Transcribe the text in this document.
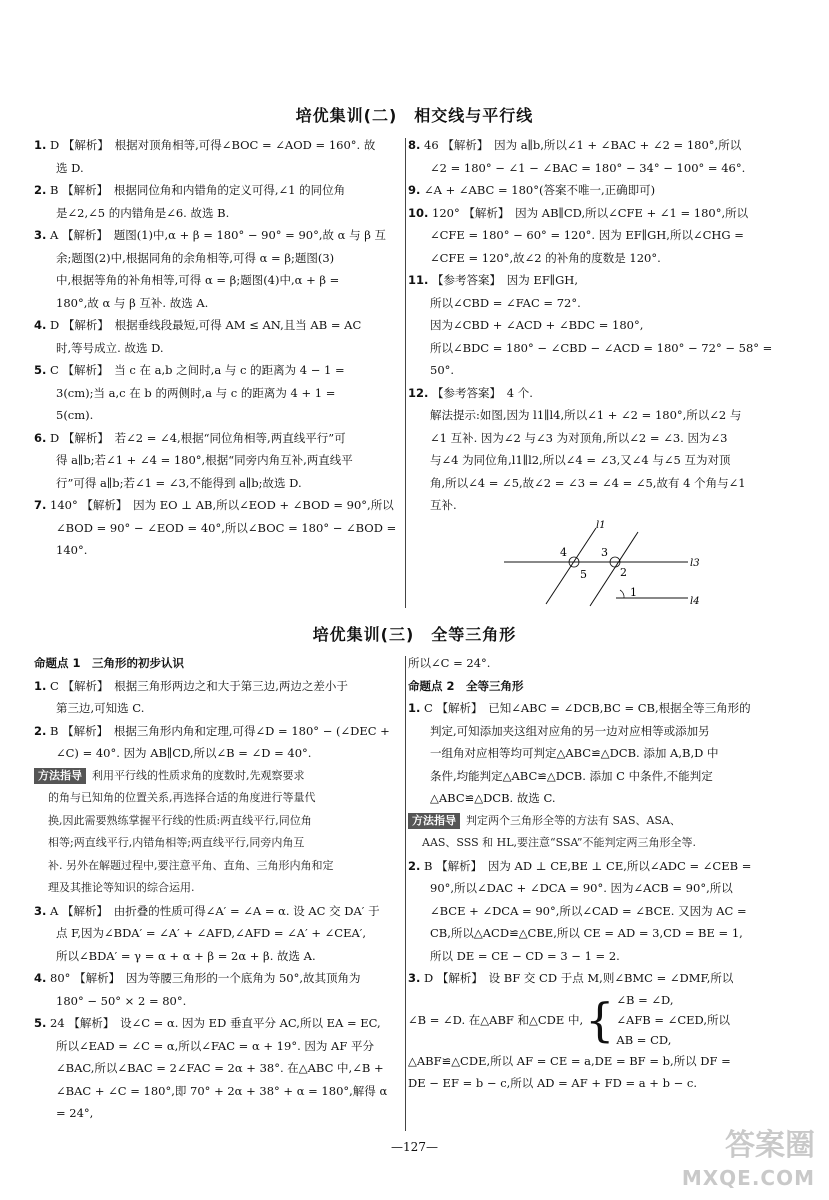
培优集训(二)　相交线与平行线

1. D 【解析】　根据对顶角相等,可得∠BOC = ∠AOD = 160°. 故

选 D.

2. B 【解析】　根据同位角和内错角的定义可得,∠1 的同位角

是∠2,∠5 的内错角是∠6. 故选 B.

3. A 【解析】　题图(1)中,α + β = 180° − 90° = 90°,故 α 与 β 互

余;题图(2)中,根据同角的余角相等,可得 α = β;题图(3)

中,根据等角的补角相等,可得 α = β;题图(4)中,α + β =

180°,故 α 与 β 互补. 故选 A.

4. D 【解析】　根据垂线段最短,可得 AM ≤ AN,且当 AB = AC

时,等号成立. 故选 D.

5. C 【解析】　当 c 在 a,b 之间时,a 与 c 的距离为 4 − 1 =

3(cm);当 a,c 在 b 的两侧时,a 与 c 的距离为 4 + 1 =

5(cm).

6. D 【解析】　若∠2 = ∠4,根据“同位角相等,两直线平行”可

得 a∥b;若∠1 + ∠4 = 180°,根据“同旁内角互补,两直线平

行”可得 a∥b;若∠1 = ∠3,不能得到 a∥b;故选 D.

7. 140° 【解析】　因为 EO ⊥ AB,所以∠EOD + ∠BOD = 90°,所以

∠BOD = 90° − ∠EOD = 40°,所以∠BOC = 180° − ∠BOD = 140°.

8. 46 【解析】　因为 a∥b,所以∠1 + ∠BAC + ∠2 = 180°,所以

∠2 = 180° − ∠1 − ∠BAC = 180° − 34° − 100° = 46°.

9. ∠A + ∠ABC = 180°(答案不唯一,正确即可)

10. 120° 【解析】　因为 AB∥CD,所以∠CFE + ∠1 = 180°,所以

∠CFE = 180° − 60° = 120°. 因为 EF∥GH,所以∠CHG =

∠CFE = 120°,故∠2 的补角的度数是 120°.

11. 【参考答案】　因为 EF∥GH,

所以∠CBD = ∠FAC = 72°.

因为∠CBD + ∠ACD + ∠BDC = 180°,

所以∠BDC = 180° − ∠CBD − ∠ACD = 180° − 72° − 58° = 50°.

12. 【参考答案】　4 个.

解法提示:如图,因为 l1∥l4,所以∠1 + ∠2 = 180°,所以∠2 与

∠1 互补. 因为∠2 与∠3 为对顶角,所以∠2 = ∠3. 因为∠3

与∠4 为同位角,l1∥l2,所以∠4 = ∠3,又∠4 与∠5 互为对顶

角,所以∠4 = ∠5,故∠2 = ∠3 = ∠4 = ∠5,故有 4 个角与∠1

互补.

l1
l3
l4
4	3
5	2
1
培优集训(三)　全等三角形

命题点 1　三角形的初步认识

1. C 【解析】　根据三角形两边之和大于第三边,两边之差小于

第三边,可知选 C.

2. B 【解析】　根据三角形内角和定理,可得∠D = 180° − (∠DEC +

∠C) = 40°. 因为 AB∥CD,所以∠B = ∠D = 40°.

方法指导 利用平行线的性质求角的度数时,先观察要求

的角与已知角的位置关系,再选择合适的角度进行等量代

换,因此需要熟练掌握平行线的性质:两直线平行,同位角

相等;两直线平行,内错角相等;两直线平行,同旁内角互

补. 另外在解题过程中,要注意平角、直角、三角形内角和定

理及其推论等知识的综合运用.

3. A 【解析】　由折叠的性质可得∠A′ = ∠A = α. 设 AC 交 DA′ 于

点 F,因为∠BDA′ = ∠A′ + ∠AFD,∠AFD = ∠A′ + ∠CEA′,

所以∠BDA′ = γ = α + α + β = 2α + β. 故选 A.

4. 80° 【解析】　因为等腰三角形的一个底角为 50°,故其顶角为

180° − 50° × 2 = 80°.

5. 24 【解析】　设∠C = α. 因为 ED 垂直平分 AC,所以 EA = EC,

所以∠EAD = ∠C = α,所以∠FAC = α + 19°. 因为 AF 平分

∠BAC,所以∠BAC = 2∠FAC = 2α + 38°. 在△ABC 中,∠B +

∠BAC + ∠C = 180°,即 70° + 2α + 38° + α = 180°,解得 α = 24°,

所以∠C = 24°.

命题点 2　全等三角形

1. C 【解析】　已知∠ABC = ∠DCB,BC = CB,根据全等三角形的

判定,可知添加夹这组对应角的另一边对应相等或添加另

一组角对应相等均可判定△ABC≌△DCB. 添加 A,B,D 中

条件,均能判定△ABC≌△DCB. 添加 C 中条件,不能判定

△ABC≌△DCB. 故选 C.

方法指导 判定两个三角形全等的方法有 SAS、ASA、

AAS、SSS 和 HL,要注意“SSA”不能判定两三角形全等.

2. B 【解析】　因为 AD ⊥ CE,BE ⊥ CE,所以∠ADC = ∠CEB =

90°,所以∠DAC + ∠DCA = 90°. 因为∠ACB = 90°,所以

∠BCE + ∠DCA = 90°,所以∠CAD = ∠BCE. 又因为 AC =

CB,所以△ACD≌△CBE,所以 CE = AD = 3,CD = BE = 1,

所以 DE = CE − CD = 3 − 1 = 2.

3. D 【解析】　设 BF 交 CD 于点 M,则∠BMC = ∠DMF,所以

∠B = ∠D. 在△ABF 和△CDE 中, { ∠B = ∠D,
∠AFB = ∠CED,
AB = CD,
所以

△ABF≌△CDE,所以 AF = CE = a,DE = BF = b,所以 DF =

DE − EF = b − c,所以 AD = AF + FD = a + b − c.

—127—	答案圈
MXQE.COM
